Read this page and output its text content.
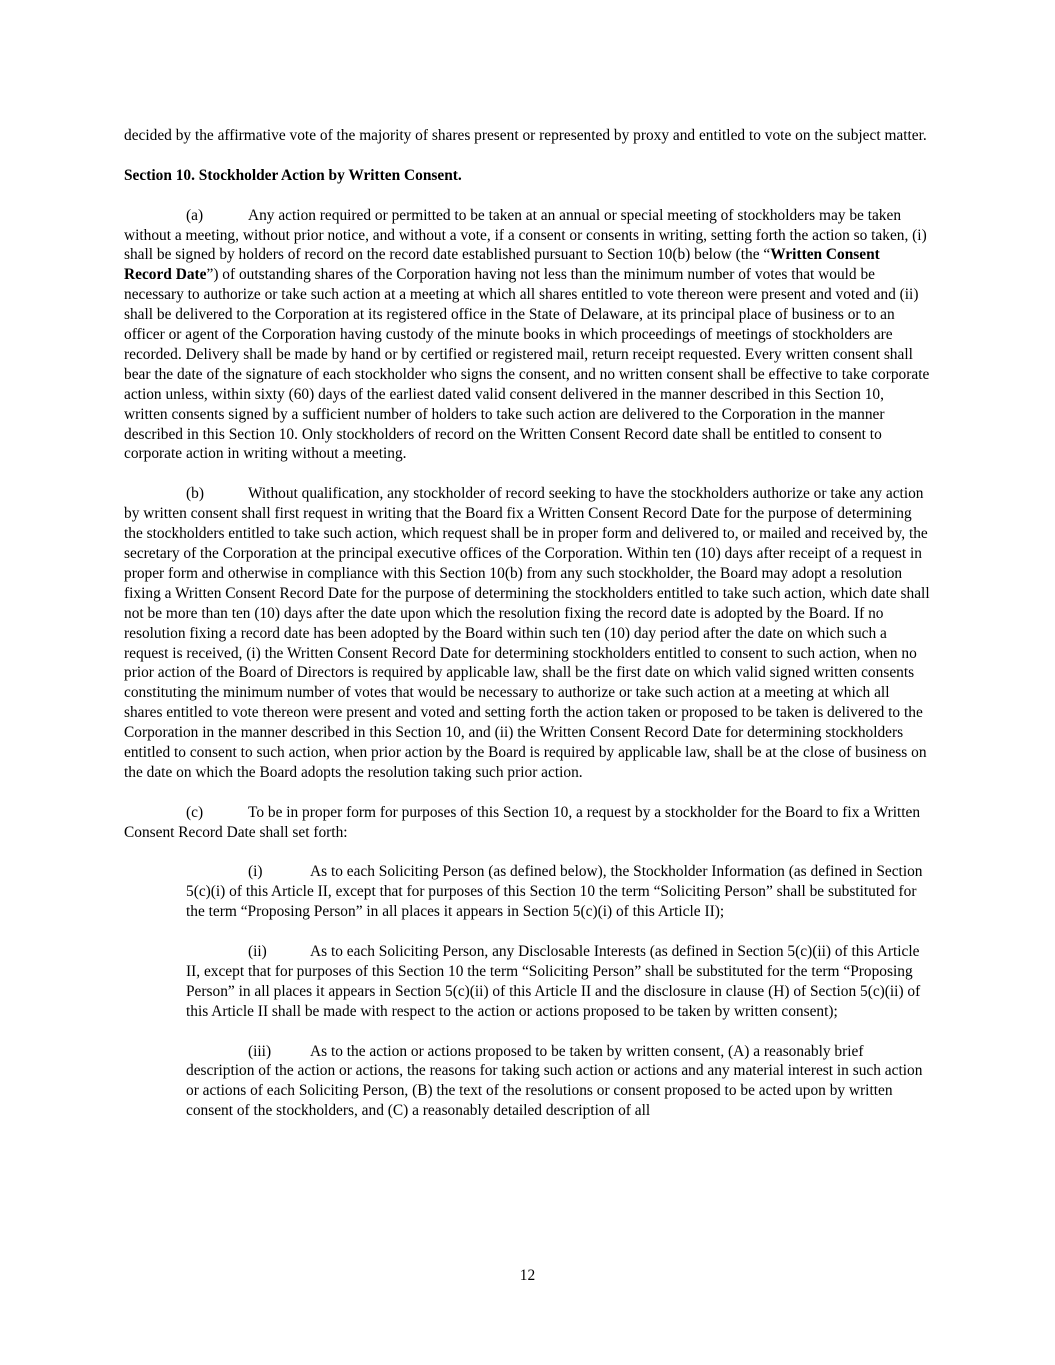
decided by the affirmative vote of the majority of shares present or represented by proxy and entitled to vote on the subject matter.

Section 10. Stockholder Action by Written Consent.

(a)	Any action required or permitted to be taken at an annual or special meeting of stockholders may be taken without a meeting, without prior notice, and without a vote, if a consent or consents in writing, setting forth the action so taken, (i) shall be signed by holders of record on the record date established pursuant to Section 10(b) below (the “Written Consent Record Date”) of outstanding shares of the Corporation having not less than the minimum number of votes that would be necessary to authorize or take such action at a meeting at which all shares entitled to vote thereon were present and voted and (ii) shall be delivered to the Corporation at its registered office in the State of Delaware, at its principal place of business or to an officer or agent of the Corporation having custody of the minute books in which proceedings of meetings of stockholders are recorded. Delivery shall be made by hand or by certified or registered mail, return receipt requested. Every written consent shall bear the date of the signature of each stockholder who signs the consent, and no written consent shall be effective to take corporate action unless, within sixty (60) days of the earliest dated valid consent delivered in the manner described in this Section 10, written consents signed by a sufficient number of holders to take such action are delivered to the Corporation in the manner described in this Section 10. Only stockholders of record on the Written Consent Record date shall be entitled to consent to corporate action in writing without a meeting.

(b)	Without qualification, any stockholder of record seeking to have the stockholders authorize or take any action by written consent shall first request in writing that the Board fix a Written Consent Record Date for the purpose of determining the stockholders entitled to take such action, which request shall be in proper form and delivered to, or mailed and received by, the secretary of the Corporation at the principal executive offices of the Corporation. Within ten (10) days after receipt of a request in proper form and otherwise in compliance with this Section 10(b) from any such stockholder, the Board may adopt a resolution fixing a Written Consent Record Date for the purpose of determining the stockholders entitled to take such action, which date shall not be more than ten (10) days after the date upon which the resolution fixing the record date is adopted by the Board. If no resolution fixing a record date has been adopted by the Board within such ten (10) day period after the date on which such a request is received, (i) the Written Consent Record Date for determining stockholders entitled to consent to such action, when no prior action of the Board of Directors is required by applicable law, shall be the first date on which valid signed written consents constituting the minimum number of votes that would be necessary to authorize or take such action at a meeting at which all shares entitled to vote thereon were present and voted and setting forth the action taken or proposed to be taken is delivered to the Corporation in the manner described in this Section 10, and (ii) the Written Consent Record Date for determining stockholders entitled to consent to such action, when prior action by the Board is required by applicable law, shall be at the close of business on the date on which the Board adopts the resolution taking such prior action.

(c)	To be in proper form for purposes of this Section 10, a request by a stockholder for the Board to fix a Written Consent Record Date shall set forth:

(i)	As to each Soliciting Person (as defined below), the Stockholder Information (as defined in Section 5(c)(i) of this Article II, except that for purposes of this Section 10 the term “Soliciting Person” shall be substituted for the term “Proposing Person” in all places it appears in Section 5(c)(i) of this Article II);

(ii)	As to each Soliciting Person, any Disclosable Interests (as defined in Section 5(c)(ii) of this Article II, except that for purposes of this Section 10 the term “Soliciting Person” shall be substituted for the term “Proposing Person” in all places it appears in Section 5(c)(ii) of this Article II and the disclosure in clause (H) of Section 5(c)(ii) of this Article II shall be made with respect to the action or actions proposed to be taken by written consent);

(iii)	As to the action or actions proposed to be taken by written consent, (A) a reasonably brief description of the action or actions, the reasons for taking such action or actions and any material interest in such action or actions of each Soliciting Person, (B) the text of the resolutions or consent proposed to be acted upon by written consent of the stockholders, and (C) a reasonably detailed description of all

12
